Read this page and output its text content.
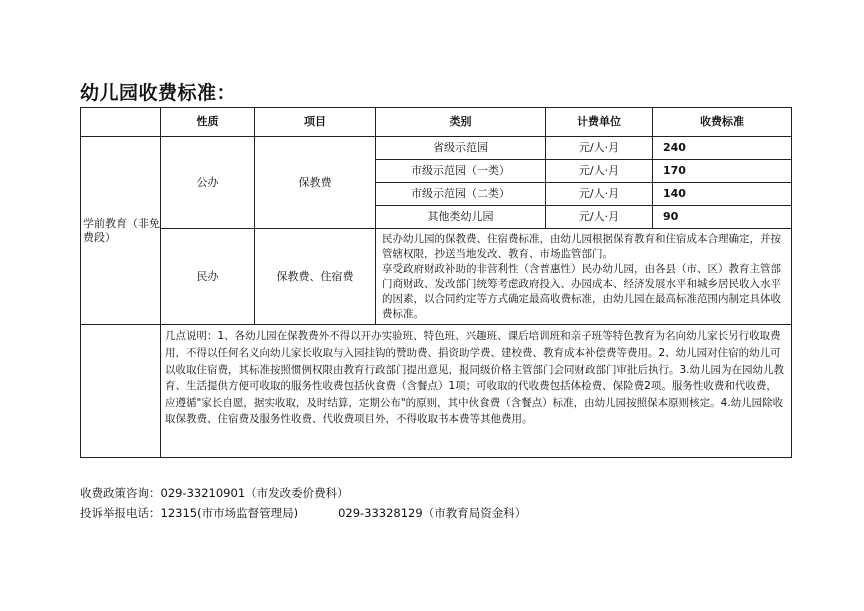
幼儿园收费标准：
	性质	项目	类别	计费单位	收费标准
学前教育（非免费段）	公办	保教费	省级示范园	元/人·月	240
			市级示范园（一类）	元/人·月	170
			市级示范园（二类）	元/人·月	140
			其他类幼儿园	元/人·月	90
	民办	保教费、住宿费	民办幼儿园的保教费、住宿费标准，由幼儿园根据保育教育和住宿成本合理确定，并按管辖权限，抄送当地发改、教育、市场监管部门。

享受政府财政补助的非营利性（含普惠性）民办幼儿园，由各县（市、区）教育主管部门商财政、发改部门统筹考虑政府投入、办园成本、经济发展水平和城乡居民收入水平的因素，以合同约定等方式确定最高收费标准，由幼儿园在最高标准范围内制定具体收费标准。		

	几点说明：1、各幼儿园在保教费外不得以开办实验班、特色班、兴趣班、课后培训班和亲子班等特色教育为名向幼儿家长另行收取费用，不得以任何名义向幼儿家长收取与入园挂钩的赞助费、捐资助学费、建校费、教育成本补偿费等费用。2、幼儿园对住宿的幼儿可以收取住宿费，其标准按照惯例权限由教育行政部门提出意见，报同级价格主管部门会同财政部门审批后执行。3.幼儿园为在园幼儿教育、生活提供方便可收取的服务性收费包括伙食费（含餐点）1项；可收取的代收费包括体检费、保险费2项。服务性收费和代收费，应遵循"家长自愿，据实收取，及时结算，定期公布"的原则，其中伙食费（含餐点）标准，由幼儿园按照保本原则核定。4.幼儿园除收取保教费、住宿费及服务性收费、代收费项目外，不得收取书本费等其他费用。				
收费政策咨询：029-33210901（市发改委价费科）
投诉举报电话：12315(市市场监督管理局)	029-33328129（市教育局资金科）
